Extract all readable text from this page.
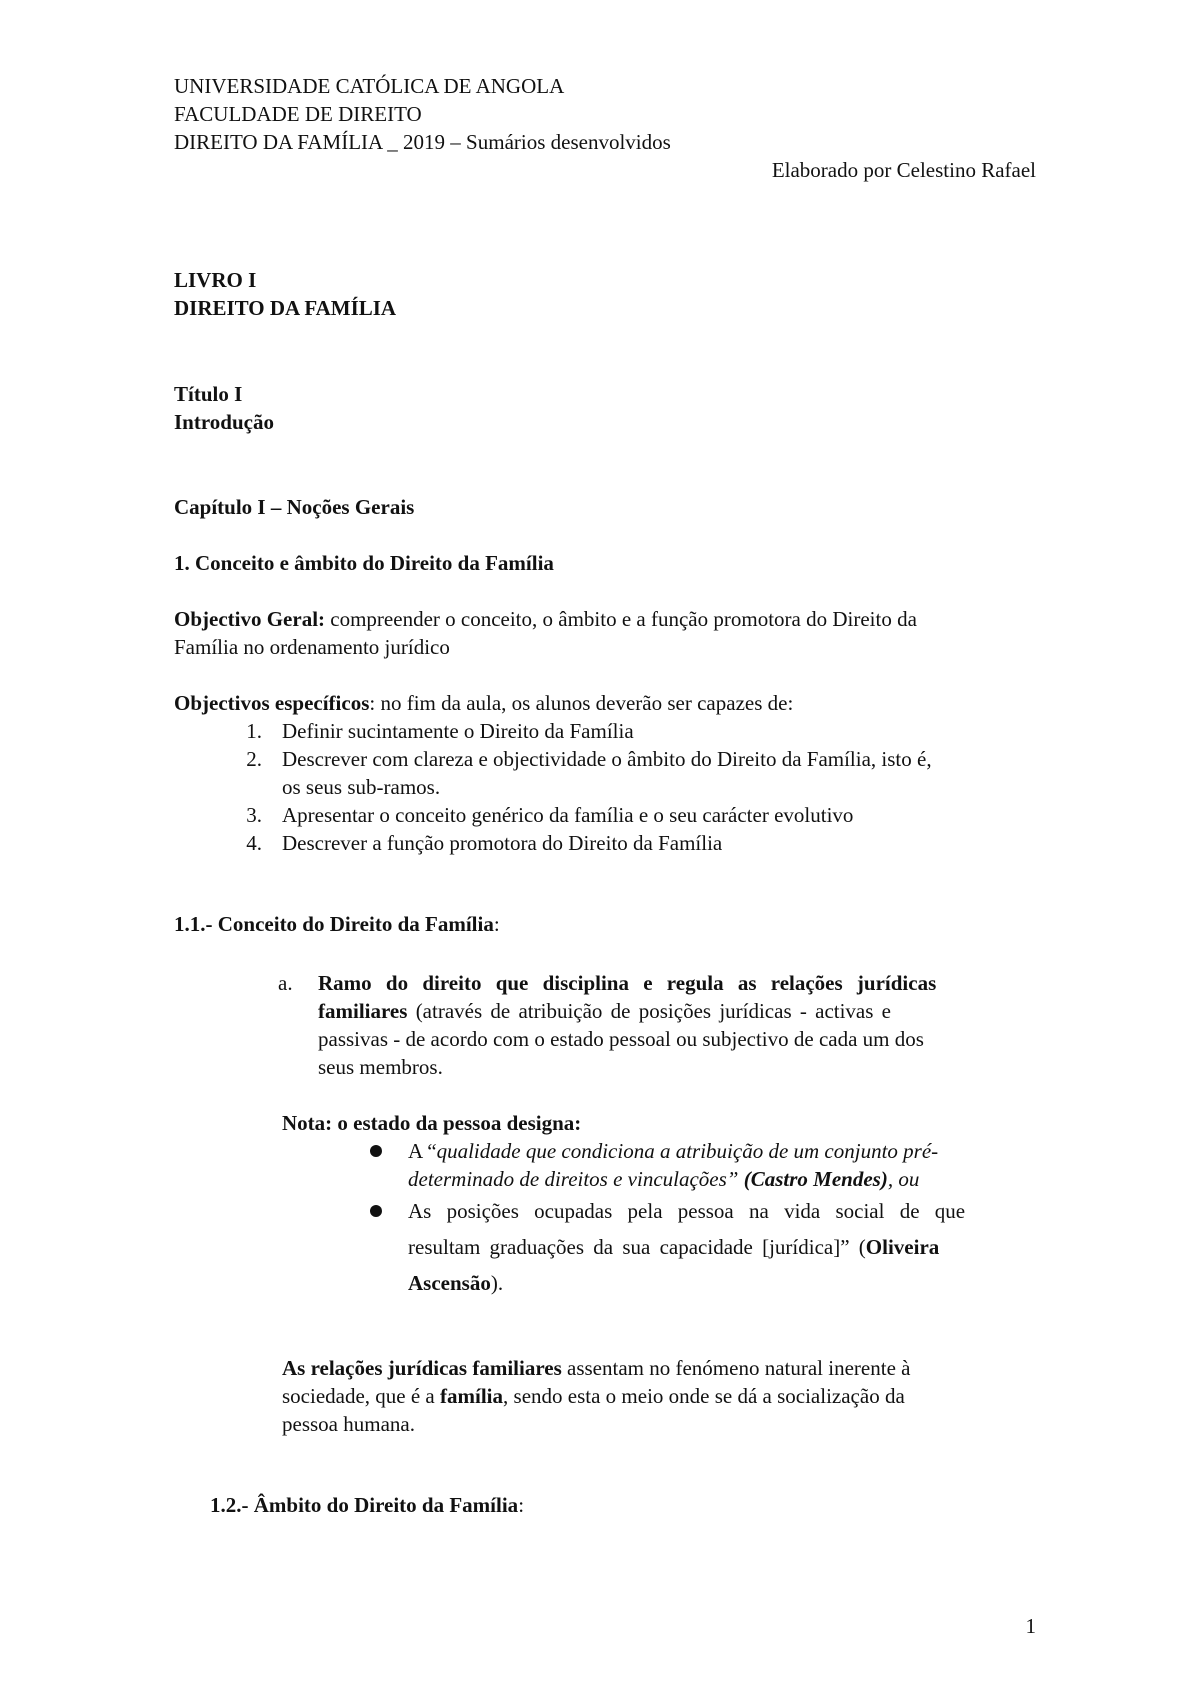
UNIVERSIDADE CATÓLICA DE ANGOLA
FACULDADE DE DIREITO
DIREITO DA FAMÍLIA _ 2019 – Sumários desenvolvidos
Elaborado por Celestino Rafael
LIVRO I
DIREITO DA FAMÍLIA
Título I
Introdução
Capítulo I – Noções Gerais
1. Conceito e âmbito do Direito da Família
Objectivo Geral: compreender o conceito, o âmbito e a função promotora do Direito da
Família no ordenamento jurídico
Objectivos específicos: no fim da aula, os alunos deverão ser capazes de:
1. Definir sucintamente o Direito da Família
2. Descrever com clareza e objectividade o âmbito do Direito da Família, isto é,
os seus sub-ramos.
3. Apresentar o conceito genérico da família e o seu carácter evolutivo
4. Descrever a função promotora do Direito da Família
1.1.- Conceito do Direito da Família:
a. Ramo do direito que disciplina e regula as relações jurídicas
familiares (através de atribuição de posições jurídicas - activas e
passivas - de acordo com o estado pessoal ou subjectivo de cada um dos
seus membros.
Nota: o estado da pessoa designa:
A “qualidade que condiciona a atribuição de um conjunto pré-
determinado de direitos e vinculações” (Castro Mendes), ou
As posições ocupadas pela pessoa na vida social de que
resultam graduações da sua capacidade [jurídica]” (Oliveira
Ascensão).
As relações jurídicas familiares assentam no fenómeno natural inerente à
sociedade, que é a família, sendo esta o meio onde se dá a socialização da
pessoa humana.
1.2.- Âmbito do Direito da Família:
1
